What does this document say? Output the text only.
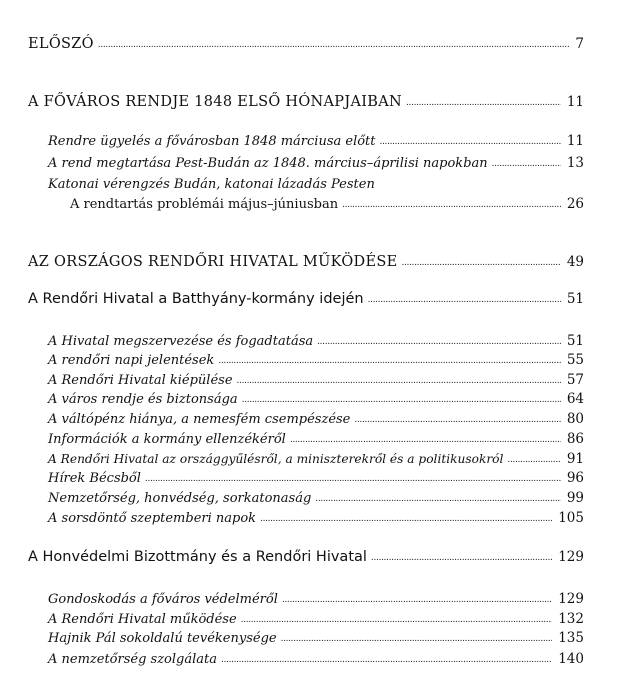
ELŐSZÓ . . .	7
A FŐVÁROS RENDJE 1848 ELSŐ HÓNAPJAIBAN . . .	11
Rendre ügyelés a fővárosban 1848 márciusa előtt . . .	11
A rend megtartása Pest-Budán az 1848. március–áprilisi napokban . . .	13
Katonai vérengzés Budán, katonai lázadás Pesten
A rendtartás problémái május–júniusban . . .	26
AZ ORSZÁGOS RENDŐRI HIVATAL MŰKÖDÉSE . . .	49
A Rendőri Hivatal a Batthyány-kormány idején . . .	51
A Hivatal megszervezése és fogadtatása . . .	51
A rendőri napi jelentések . . .	55
A Rendőri Hivatal kiépülése . . .	57
A város rendje és biztonsága . . .	64
A váltópénz hiánya, a nemesfém csempészése . . .	80
Információk a kormány ellenzékéről . . .	86
A Rendőri Hivatal az országgyűlésről, a miniszterekről és a politikusokról . . .	91
Hírek Bécsből . . .	96
Nemzetőrség, honvédség, sorkatonaság . . .	99
A sorsdöntő szeptemberi napok . . .	105
A Honvédelmi Bizottmány és a Rendőri Hivatal . . .	129
Gondoskodás a főváros védelméről . . .	129
A Rendőri Hivatal működése . . .	132
Hajnik Pál sokoldalú tevékenysége . . .	135
A nemzetőrség szolgálata . . .	140
